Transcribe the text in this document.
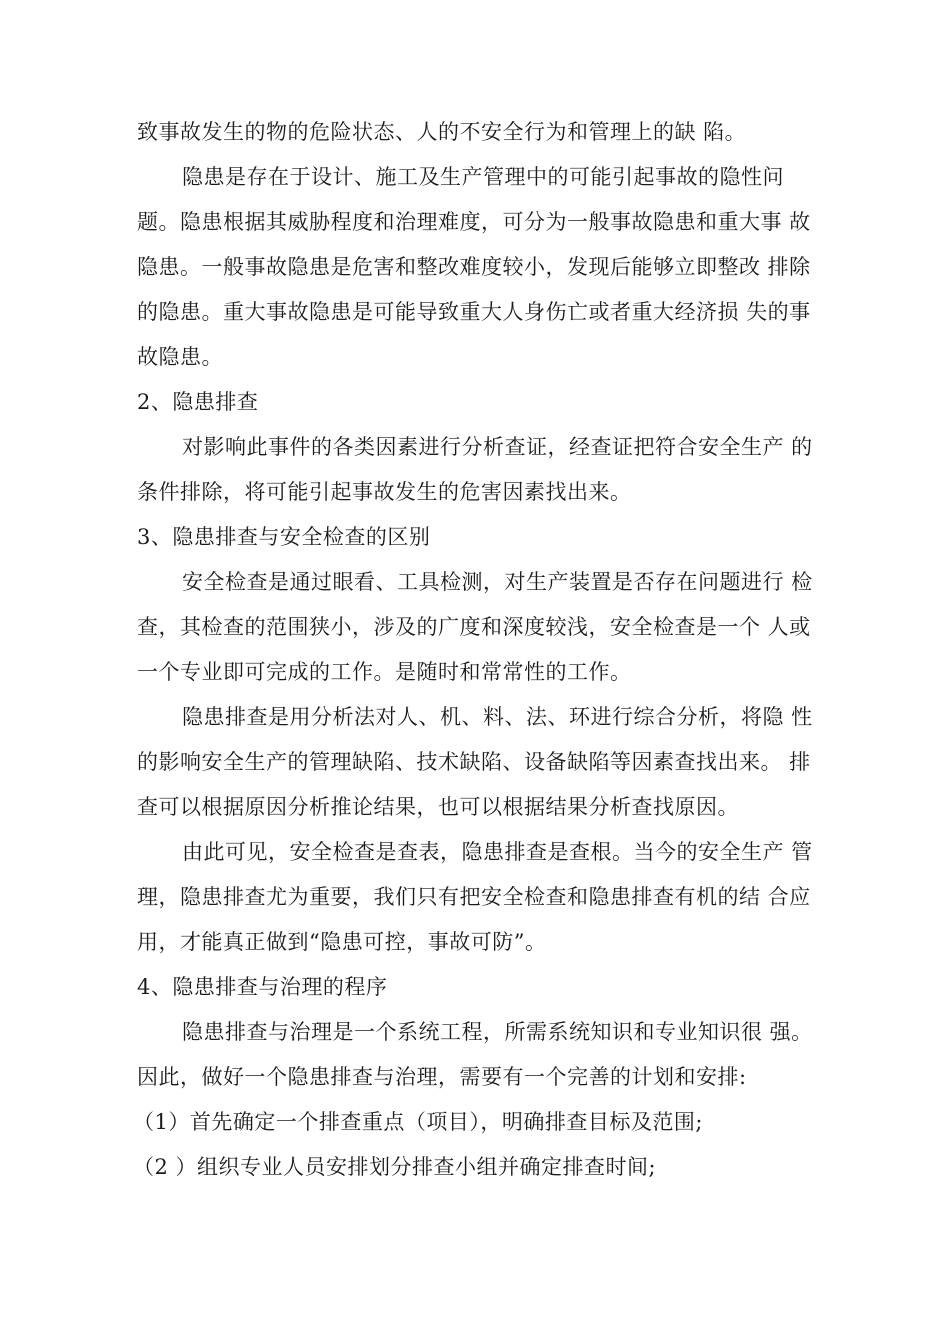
致事故发生的物的危险状态、人的不安全行为和管理上的缺 陷。
隐患是存在于设计、施工及生产管理中的可能引起事故的隐性问
题。隐患根据其威胁程度和治理难度，可分为一般事故隐患和重大事 故
隐患。一般事故隐患是危害和整改难度较小，发现后能够立即整改 排除
的隐患。重大事故隐患是可能导致重大人身伤亡或者重大经济损 失的事
故隐患。
2、隐患排查
对影响此事件的各类因素进行分析查证，经查证把符合安全生产 的
条件排除，将可能引起事故发生的危害因素找出来。
3、隐患排查与安全检查的区别
安全检查是通过眼看、工具检测，对生产装置是否存在问题进行 检
查，其检查的范围狭小，涉及的广度和深度较浅，安全检查是一个 人或
一个专业即可完成的工作。是随时和常常性的工作。
隐患排查是用分析法对人、机、料、法、环进行综合分析，将隐 性
的影响安全生产的管理缺陷、技术缺陷、设备缺陷等因素查找出来。 排
查可以根据原因分析推论结果，也可以根据结果分析查找原因。
由此可见，安全检查是查表，隐患排查是查根。当今的安全生产 管
理，隐患排查尤为重要，我们只有把安全检查和隐患排查有机的结 合应
用，才能真正做到“隐患可控，事故可防”。
4、隐患排查与治理的程序
隐患排查与治理是一个系统工程，所需系统知识和专业知识很 强。
因此，做好一个隐患排查与治理，需要有一个完善的计划和安排:
（1）首先确定一个排查重点（项目），明确排查目标及范围;
（2 ）组织专业人员安排划分排查小组并确定排查时间;
